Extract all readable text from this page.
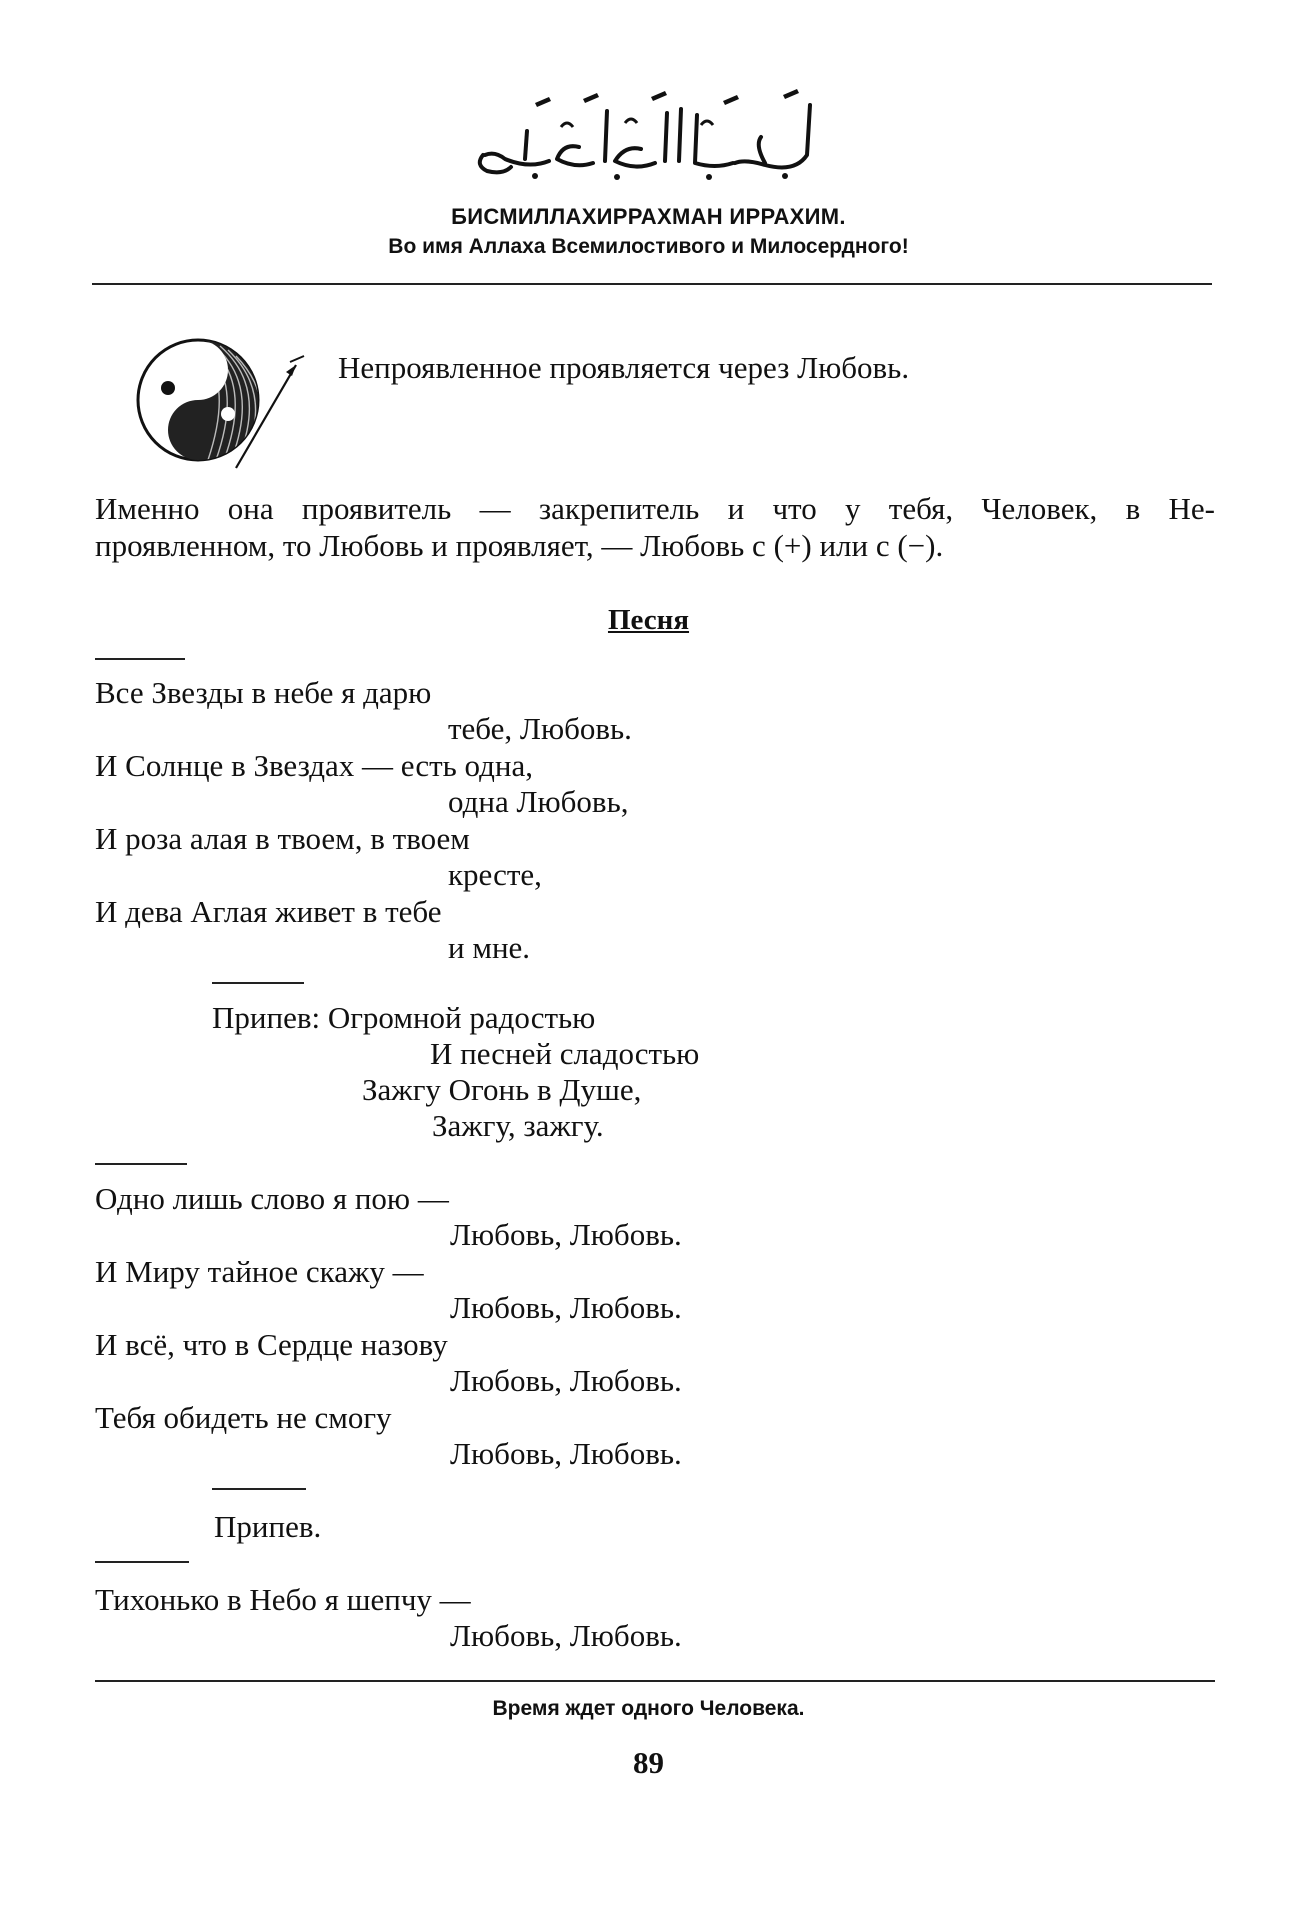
БИСМИЛЛАХИРРАХМАН ИРРАХИМ.
Во имя Аллаха Всемилостивого и Милосердного!
Непроявленное проявляется через Любовь.
Именно она проявитель — закрепитель и что у тебя, Человек, в Не-
проявленном, то Любовь и проявляет, — Любовь с (+) или с (−).
Песня
Все Звезды в небе я дарю
тебе, Любовь.
И Солнце в Звездах — есть одна,
одна Любовь,
И роза алая в твоем, в твоем
кресте,
И дева Аглая живет в тебе
и мне.
Припев: Огромной радостью
И песней сладостью
Зажгу Огонь в Душе,
Зажгу, зажгу.
Одно лишь слово я пою —
Любовь, Любовь.
И Миру тайное скажу —
Любовь, Любовь.
И всё, что в Сердце назову
Любовь, Любовь.
Тебя обидеть не смогу
Любовь, Любовь.
Припев.
Тихонько в Небо я шепчу —
Любовь, Любовь.
Время ждет одного Человека.
89
